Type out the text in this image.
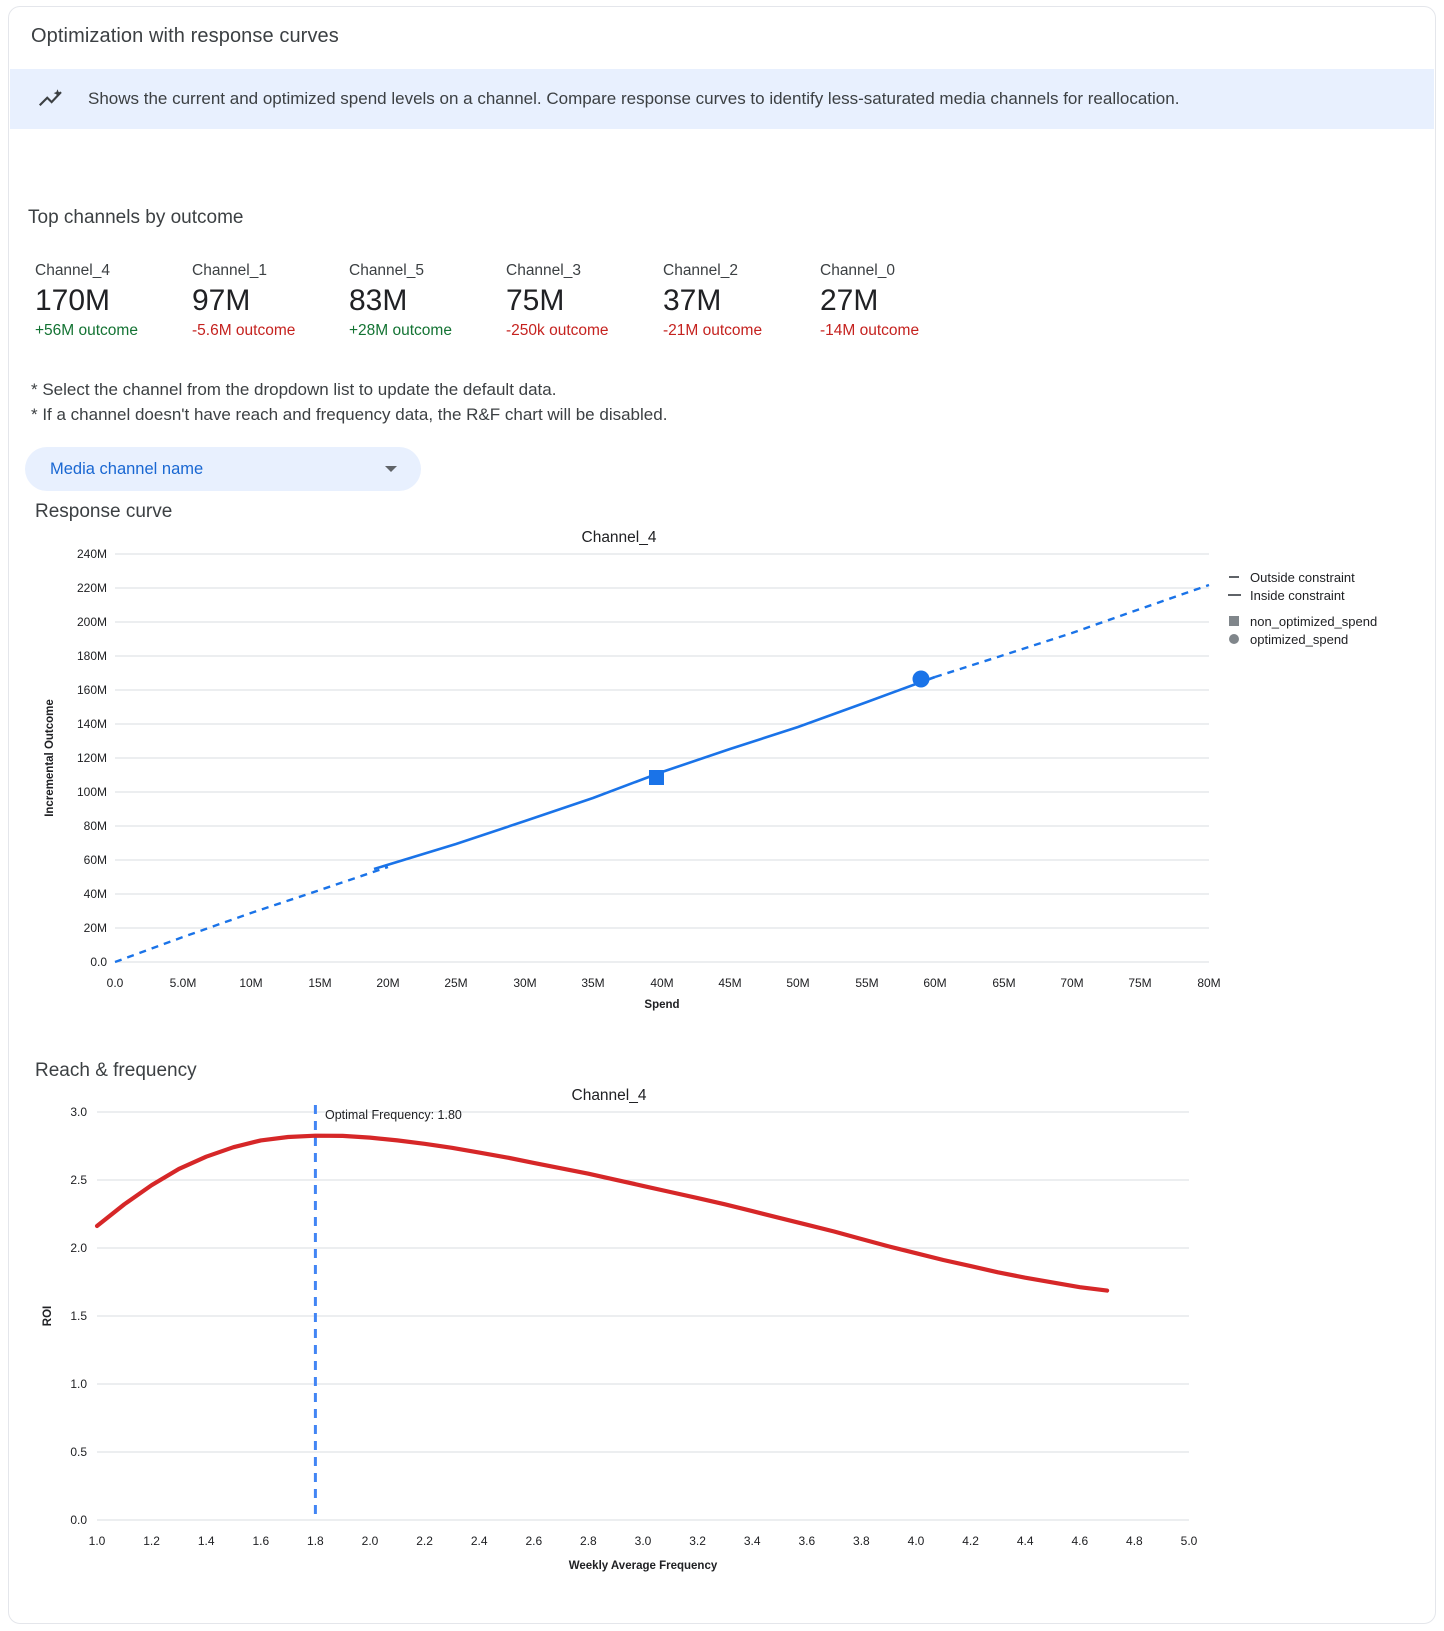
Optimization with response curves
Shows the current and optimized spend levels on a channel. Compare response curves to identify less-saturated media channels for reallocation.
Top channels by outcome
Channel_4
170M
+56M outcome
Channel_1
97M
-5.6M outcome
Channel_5
83M
+28M outcome
Channel_3
75M
-250k outcome
Channel_2
37M
-21M outcome
Channel_0
27M
-14M outcome
* Select the channel from the dropdown list to update the default data.
* If a channel doesn't have reach and frequency data, the R&F chart will be disabled.
Media channel name
Response curve
Channel_4
240M
220M
200M
180M
160M
140M
120M
100M
80M
60M
40M
20M
0.0
0.0	5.0M	10M	15M	20M	25M	30M	35M	40M	45M	50M	55M	60M	65M	70M	75M	80M
Spend
Incremental Outcome
Outside constraint
Inside constraint
non_optimized_spend
optimized_spend
Reach & frequency
Channel_4
3.0
2.5
2.0
1.5
1.0
0.5
0.0
1.0	1.2	1.4	1.6	1.8	2.0	2.2	2.4	2.6	2.8	3.0	3.2	3.4	3.6	3.8	4.0	4.2	4.4	4.6	4.8	5.0
Optimal Frequency: 1.80
Weekly Average Frequency
ROI
